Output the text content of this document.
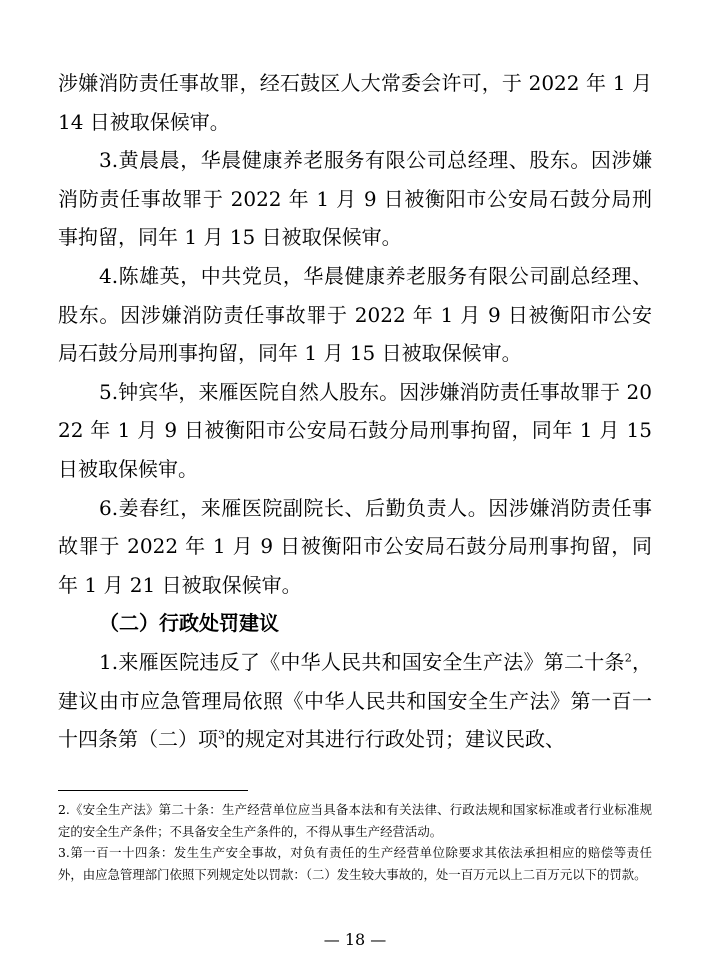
涉嫌消防责任事故罪，经石鼓区人大常委会许可，于 2022 年 1 月 14 日被取保候审。

3.黄晨晨，华晨健康养老服务有限公司总经理、股东。因涉嫌消防责任事故罪于 2022 年 1 月 9 日被衡阳市公安局石鼓分局刑事拘留，同年 1 月 15 日被取保候审。

4.陈雄英，中共党员，华晨健康养老服务有限公司副总经理、股东。因涉嫌消防责任事故罪于 2022 年 1 月 9 日被衡阳市公安局石鼓分局刑事拘留，同年 1 月 15 日被取保候审。

5.钟宾华，来雁医院自然人股东。因涉嫌消防责任事故罪于 2022 年 1 月 9 日被衡阳市公安局石鼓分局刑事拘留，同年 1 月 15 日被取保候审。

6.姜春红，来雁医院副院长、后勤负责人。因涉嫌消防责任事故罪于 2022 年 1 月 9 日被衡阳市公安局石鼓分局刑事拘留，同年 1 月 21 日被取保候审。

（二）行政处罚建议

1.来雁医院违反了《中华人民共和国安全生产法》第二十条$^2$，建议由市应急管理局依照《中华人民共和国安全生产法》第一百一十四条第（二）项$^3$的规定对其进行行政处罚；建议民政、

2.《安全生产法》第二十条：生产经营单位应当具备本法和有关法律、行政法规和国家标准或者行业标准规定的安全生产条件；不具备安全生产条件的，不得从事生产经营活动。

3.第一百一十四条：发生生产安全事故，对负有责任的生产经营单位除要求其依法承担相应的赔偿等责任外，由应急管理部门依照下列规定处以罚款：（二）发生较大事故的，处一百万元以上二百万元以下的罚款。

— 18 —
